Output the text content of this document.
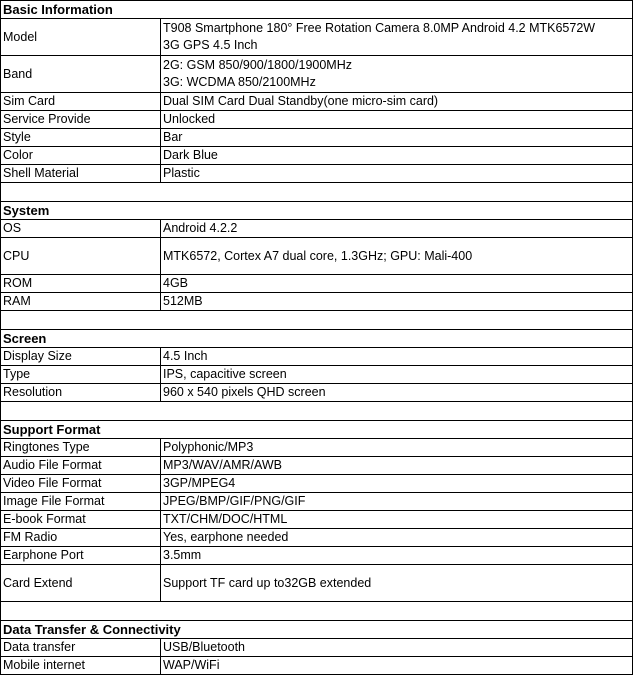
Basic Information	
Model	T908 Smartphone 180° Free Rotation Camera 8.0MP Android 4.2 MTK6572W
3G GPS 4.5 Inch

Band	2G: GSM 850/900/1800/1900MHz
3G: WCDMA 850/2100MHz

Sim Card	Dual SIM Card Dual Standby(one micro-sim card)
Service Provide	Unlocked
Style	Bar
Color	Dark Blue
Shell Material	Plastic

System	
OS	Android 4.2.2
CPU	MTK6572, Cortex A7 dual core, 1.3GHz; GPU: Mali-400
ROM	4GB
RAM	512MB

Screen	
Display Size	4.5 Inch
Type	IPS, capacitive screen
Resolution	960 x 540 pixels QHD screen

Support Format	
Ringtones Type	Polyphonic/MP3
Audio File Format	MP3/WAV/AMR/AWB
Video File Format	3GP/MPEG4
Image File Format	JPEG/BMP/GIF/PNG/GIF
E-book Format	TXT/CHM/DOC/HTML
FM Radio	Yes, earphone needed
Earphone Port	3.5mm
Card Extend	Support TF card up to32GB extended

Data Transfer & Connectivity	
Data transfer	USB/Bluetooth
Mobile internet	WAP/WiFi
